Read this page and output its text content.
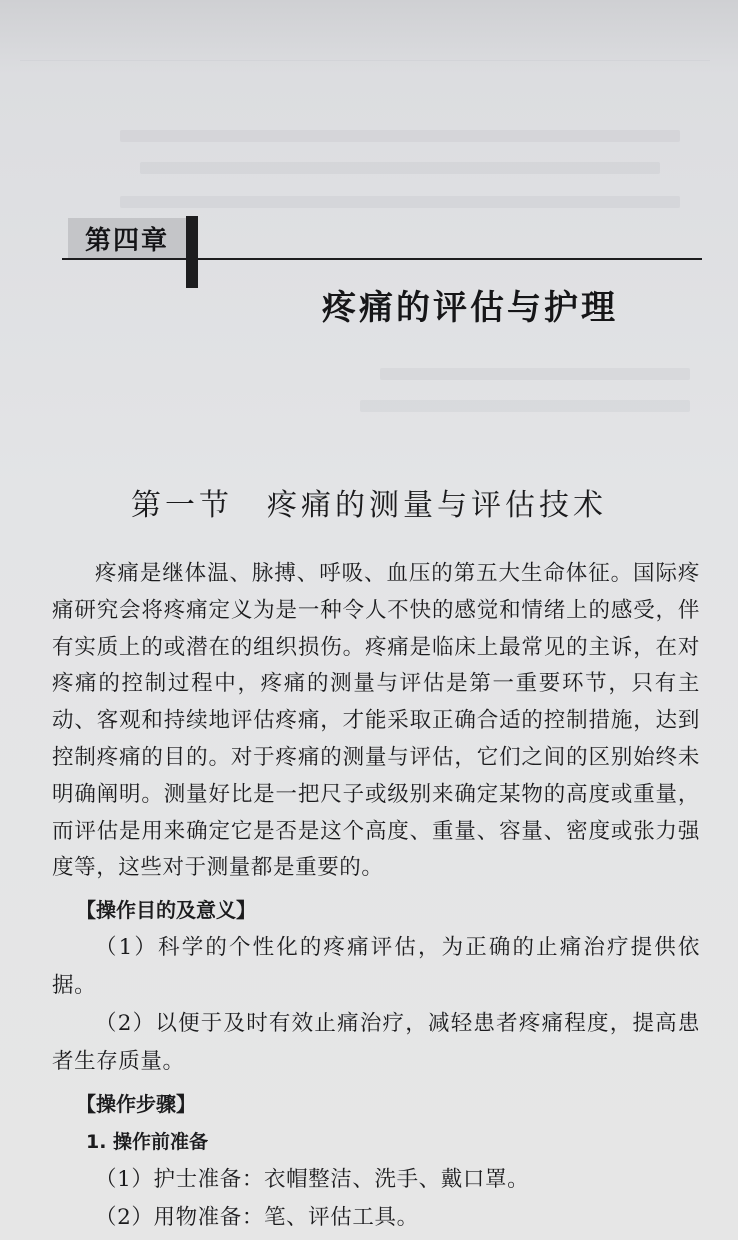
第四章
疼痛的评估与护理
第一节　疼痛的测量与评估技术

疼痛是继体温、脉搏、呼吸、血压的第五大生命体征。国际疼痛研究会将疼痛定义为是一种令人不快的感觉和情绪上的感受，伴有实质上的或潜在的组织损伤。疼痛是临床上最常见的主诉，在对疼痛的控制过程中，疼痛的测量与评估是第一重要环节，只有主动、客观和持续地评估疼痛，才能采取正确合适的控制措施，达到控制疼痛的目的。对于疼痛的测量与评估，它们之间的区别始终未明确阐明。测量好比是一把尺子或级别来确定某物的高度或重量，而评估是用来确定它是否是这个高度、重量、容量、密度或张力强度等，这些对于测量都是重要的。

【操作目的及意义】

（1）科学的个性化的疼痛评估，为正确的止痛治疗提供依据。

（2）以便于及时有效止痛治疗，减轻患者疼痛程度，提高患者生存质量。

【操作步骤】

1. 操作前准备

（1）护士准备：衣帽整洁、洗手、戴口罩。

（2）用物准备：笔、评估工具。
